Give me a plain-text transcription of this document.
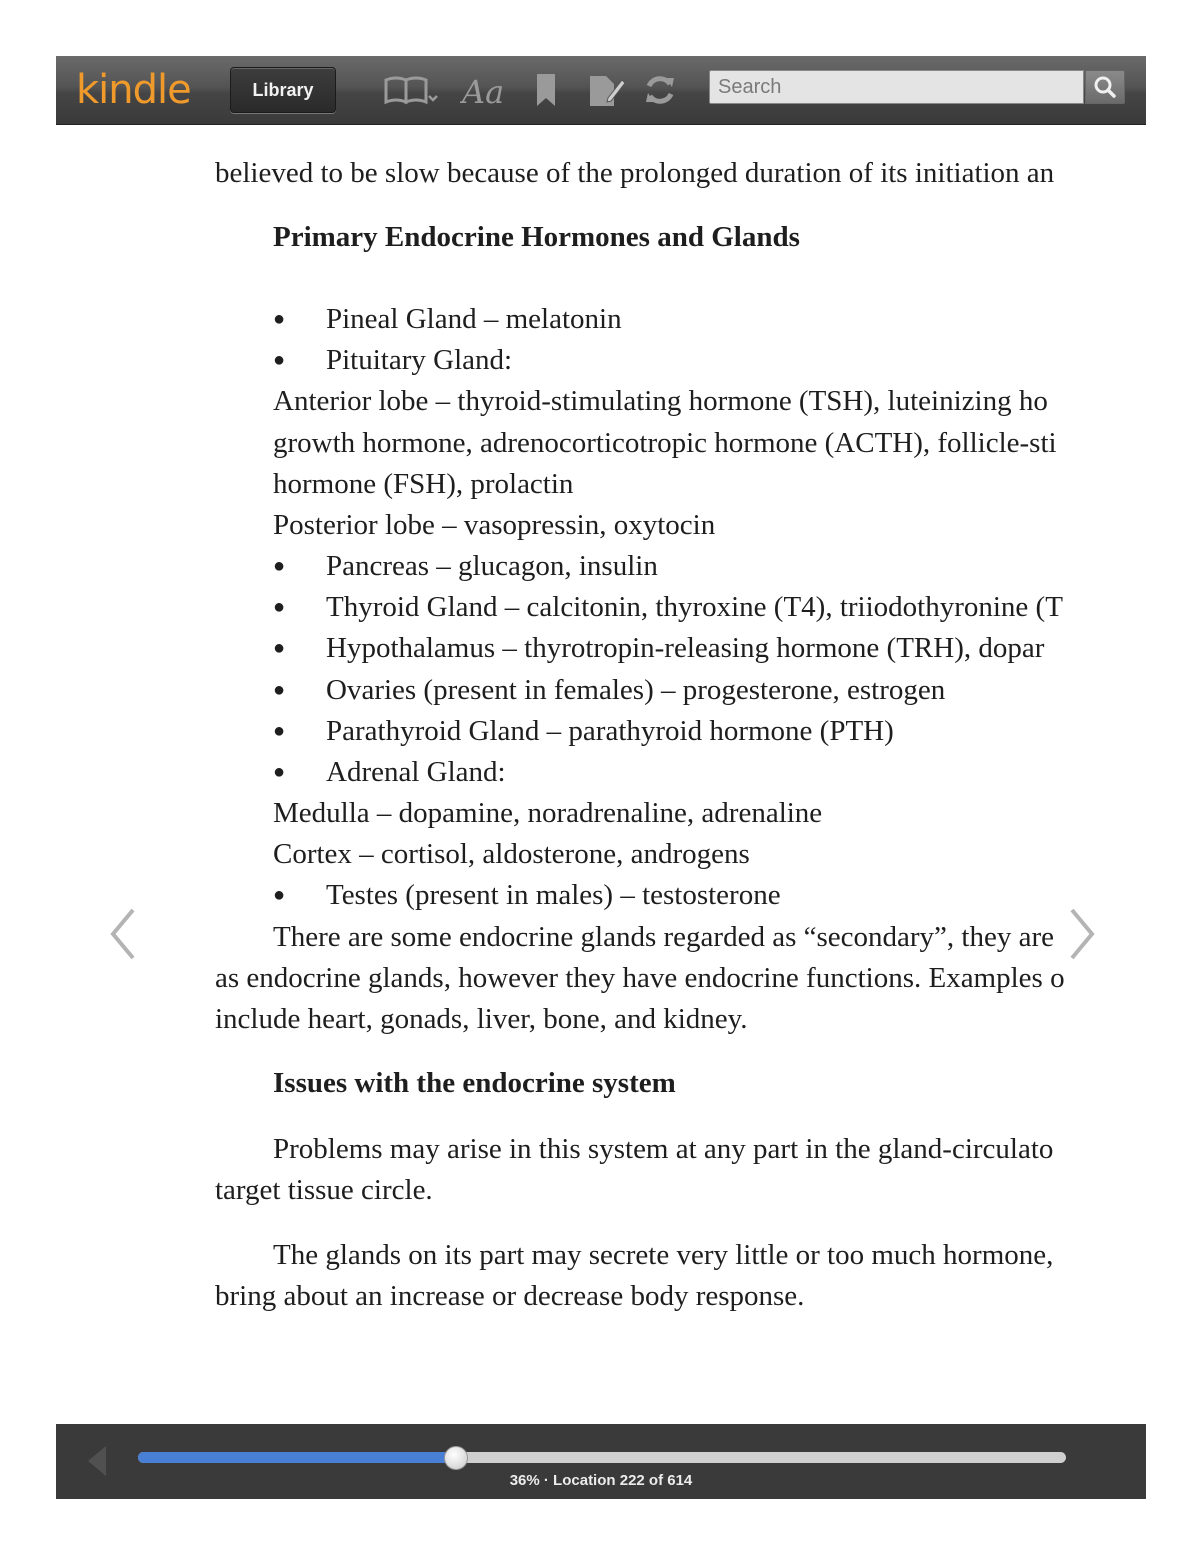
kindle	Library	Aa
Search
believed to be slow because of the prolonged duration of its initiation an
Primary Endocrine Hormones and Glands
● Pineal Gland – melatonin
● Pituitary Gland:
Anterior lobe – thyroid-stimulating hormone (TSH), luteinizing ho
growth hormone, adrenocorticotropic hormone (ACTH), follicle-sti
hormone (FSH), prolactin
Posterior lobe – vasopressin, oxytocin
● Pancreas – glucagon, insulin
● Thyroid Gland – calcitonin, thyroxine (T4), triiodothyronine (T
● Hypothalamus – thyrotropin-releasing hormone (TRH), dopar
● Ovaries (present in females) – progesterone, estrogen
● Parathyroid Gland – parathyroid hormone (PTH)
● Adrenal Gland:
Medulla – dopamine, noradrenaline, adrenaline
Cortex – cortisol, aldosterone, androgens
● Testes (present in males) – testosterone
There are some endocrine glands regarded as “secondary”, they are
as endocrine glands, however they have endocrine functions. Examples o
include heart, gonads, liver, bone, and kidney.
Issues with the endocrine system
Problems may arise in this system at any part in the gland-circulato
target tissue circle.
The glands on its part may secrete very little or too much hormone,
bring about an increase or decrease body response.
36% · Location 222 of 614
